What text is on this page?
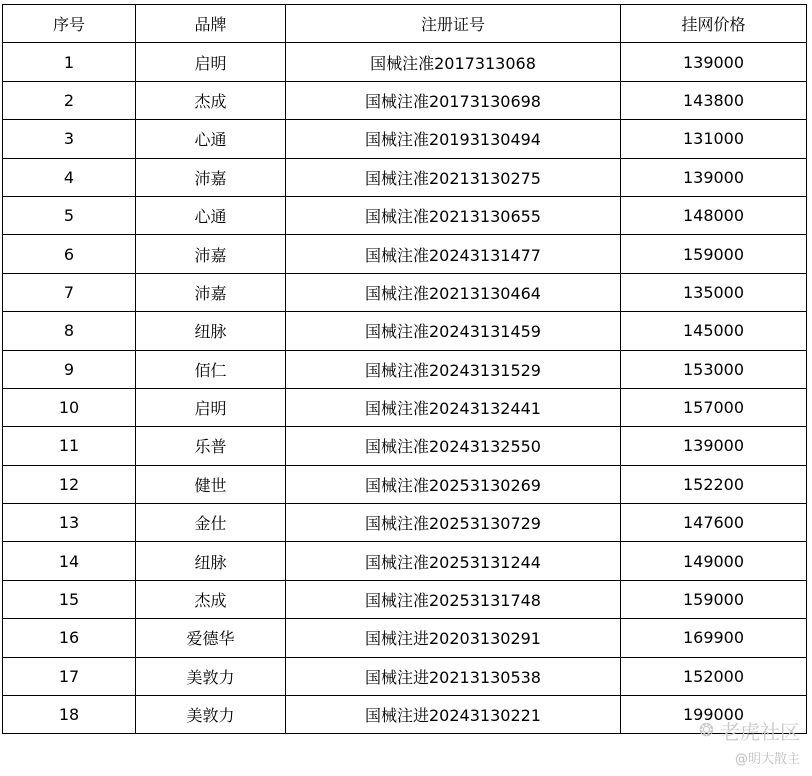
序号	品牌	注册证号	挂网价格
1	启明	国械注准2017313068	139000
2	杰成	国械注准20173130698	143800
3	心通	国械注准20193130494	131000
4	沛嘉	国械注准20213130275	139000
5	心通	国械注准20213130655	148000
6	沛嘉	国械注准20243131477	159000
7	沛嘉	国械注准20213130464	135000
8	纽脉	国械注准20243131459	145000
9	佰仁	国械注准20243131529	153000
10	启明	国械注准20243132441	157000
11	乐普	国械注准20243132550	139000
12	健世	国械注准20253130269	152200
13	金仕	国械注准20253130729	147600
14	纽脉	国械注准20253131244	149000
15	杰成	国械注准20253131748	159000
16	爱德华	国械注进20203130291	169900
17	美敦力	国械注进20213130538	152000
18	美敦力	国械注进20243130221	199000
❂ 老虎社区
@明大散主
